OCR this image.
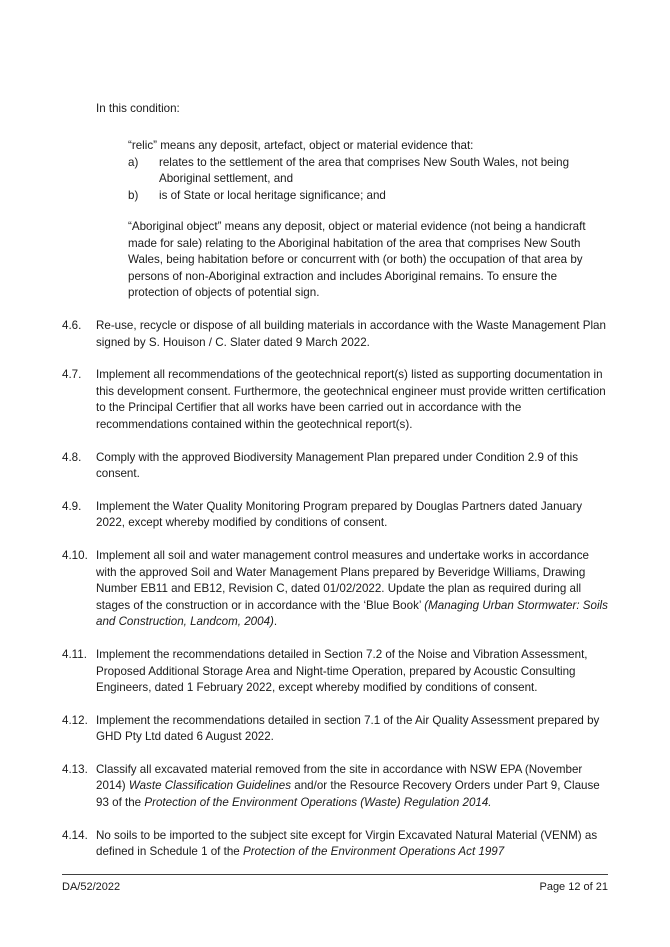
In this condition:
“relic” means any deposit, artefact, object or material evidence that:
a) relates to the settlement of the area that comprises New South Wales, not being Aboriginal settlement, and
b) is of State or local heritage significance; and
“Aboriginal object” means any deposit, object or material evidence (not being a handicraft made for sale) relating to the Aboriginal habitation of the area that comprises New South Wales, being habitation before or concurrent with (or both) the occupation of that area by persons of non-Aboriginal extraction and includes Aboriginal remains. To ensure the protection of objects of potential sign.
4.6. Re-use, recycle or dispose of all building materials in accordance with the Waste Management Plan signed by S. Houison / C. Slater dated 9 March 2022.
4.7. Implement all recommendations of the geotechnical report(s) listed as supporting documentation in this development consent. Furthermore, the geotechnical engineer must provide written certification to the Principal Certifier that all works have been carried out in accordance with the recommendations contained within the geotechnical report(s).
4.8. Comply with the approved Biodiversity Management Plan prepared under Condition 2.9 of this consent.
4.9. Implement the Water Quality Monitoring Program prepared by Douglas Partners dated January 2022, except whereby modified by conditions of consent.
4.10. Implement all soil and water management control measures and undertake works in accordance with the approved Soil and Water Management Plans prepared by Beveridge Williams, Drawing Number EB11 and EB12, Revision C, dated 01/02/2022. Update the plan as required during all stages of the construction or in accordance with the ‘Blue Book’ (Managing Urban Stormwater: Soils and Construction, Landcom, 2004).
4.11. Implement the recommendations detailed in Section 7.2 of the Noise and Vibration Assessment, Proposed Additional Storage Area and Night-time Operation, prepared by Acoustic Consulting Engineers, dated 1 February 2022, except whereby modified by conditions of consent.
4.12. Implement the recommendations detailed in section 7.1 of the Air Quality Assessment prepared by GHD Pty Ltd dated 6 August 2022.
4.13. Classify all excavated material removed from the site in accordance with NSW EPA (November 2014) Waste Classification Guidelines and/or the Resource Recovery Orders under Part 9, Clause 93 of the Protection of the Environment Operations (Waste) Regulation 2014.
4.14. No soils to be imported to the subject site except for Virgin Excavated Natural Material (VENM) as defined in Schedule 1 of the Protection of the Environment Operations Act 1997
DA/52/2022	Page 12 of 21
